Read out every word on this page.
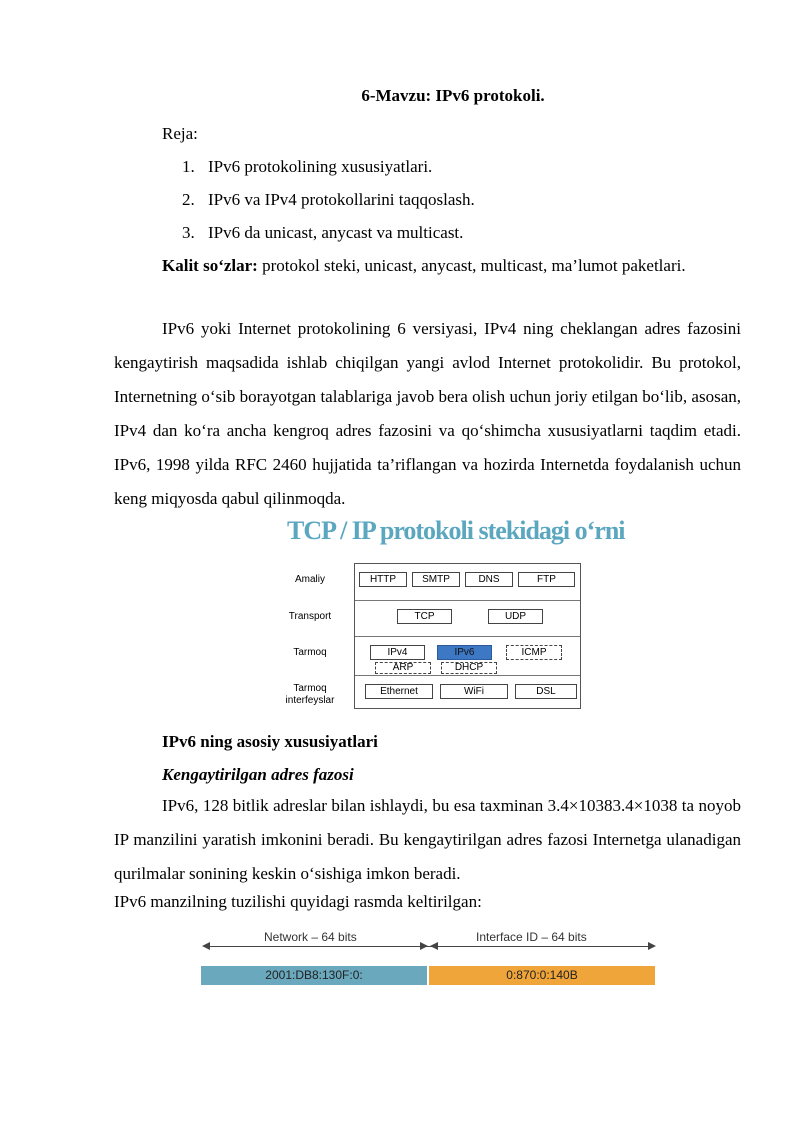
6-Mavzu: IPv6 protokoli.
Reja:
1. IPv6 protokolining xususiyatlari.
2. IPv6 va IPv4 protokollarini taqqoslash.
3. IPv6 da unicast, anycast va multicast.
Kalit so‘zlar: protokol steki, unicast, anycast, multicast, ma’lumot paketlari.
IPv6 yoki Internet protokolining 6 versiyasi, IPv4 ning cheklangan adres fazosini kengaytirish maqsadida ishlab chiqilgan yangi avlod Internet protokolidir. Bu protokol, Internetning o‘sib borayotgan talablariga javob bera olish uchun joriy etilgan bo‘lib, asosan, IPv4 dan ko‘ra ancha kengroq adres fazosini va qo‘shimcha xususiyatlarni taqdim etadi. IPv6, 1998 yilda RFC 2460 hujjatida ta’riflangan va hozirda Internetda foydalanish uchun keng miqyosda qabul qilinmoqda.
TCP / IP protokoli stekidagi o‘rni
Amaliy
Transport
Tarmoq
Tarmoq
interfeyslar
HTTP	SMTP	DNS	FTP
TCP	UDP
IPv4	IPv6	ICMP
ARP	DHCP
Ethernet	WiFi	DSL
IPv6 ning asosiy xususiyatlari
Kengaytirilgan adres fazosi
IPv6, 128 bitlik adreslar bilan ishlaydi, bu esa taxminan 3.4×10383.4×1038 ta noyob IP manzilini yaratish imkonini beradi. Bu kengaytirilgan adres fazosi Internetga ulanadigan qurilmalar sonining keskin o‘sishiga imkon beradi.
IPv6 manzilning tuzilishi quyidagi rasmda keltirilgan:
Network – 64 bits	Interface ID – 64 bits
2001:DB8:130F:0:	0:870:0:140B
